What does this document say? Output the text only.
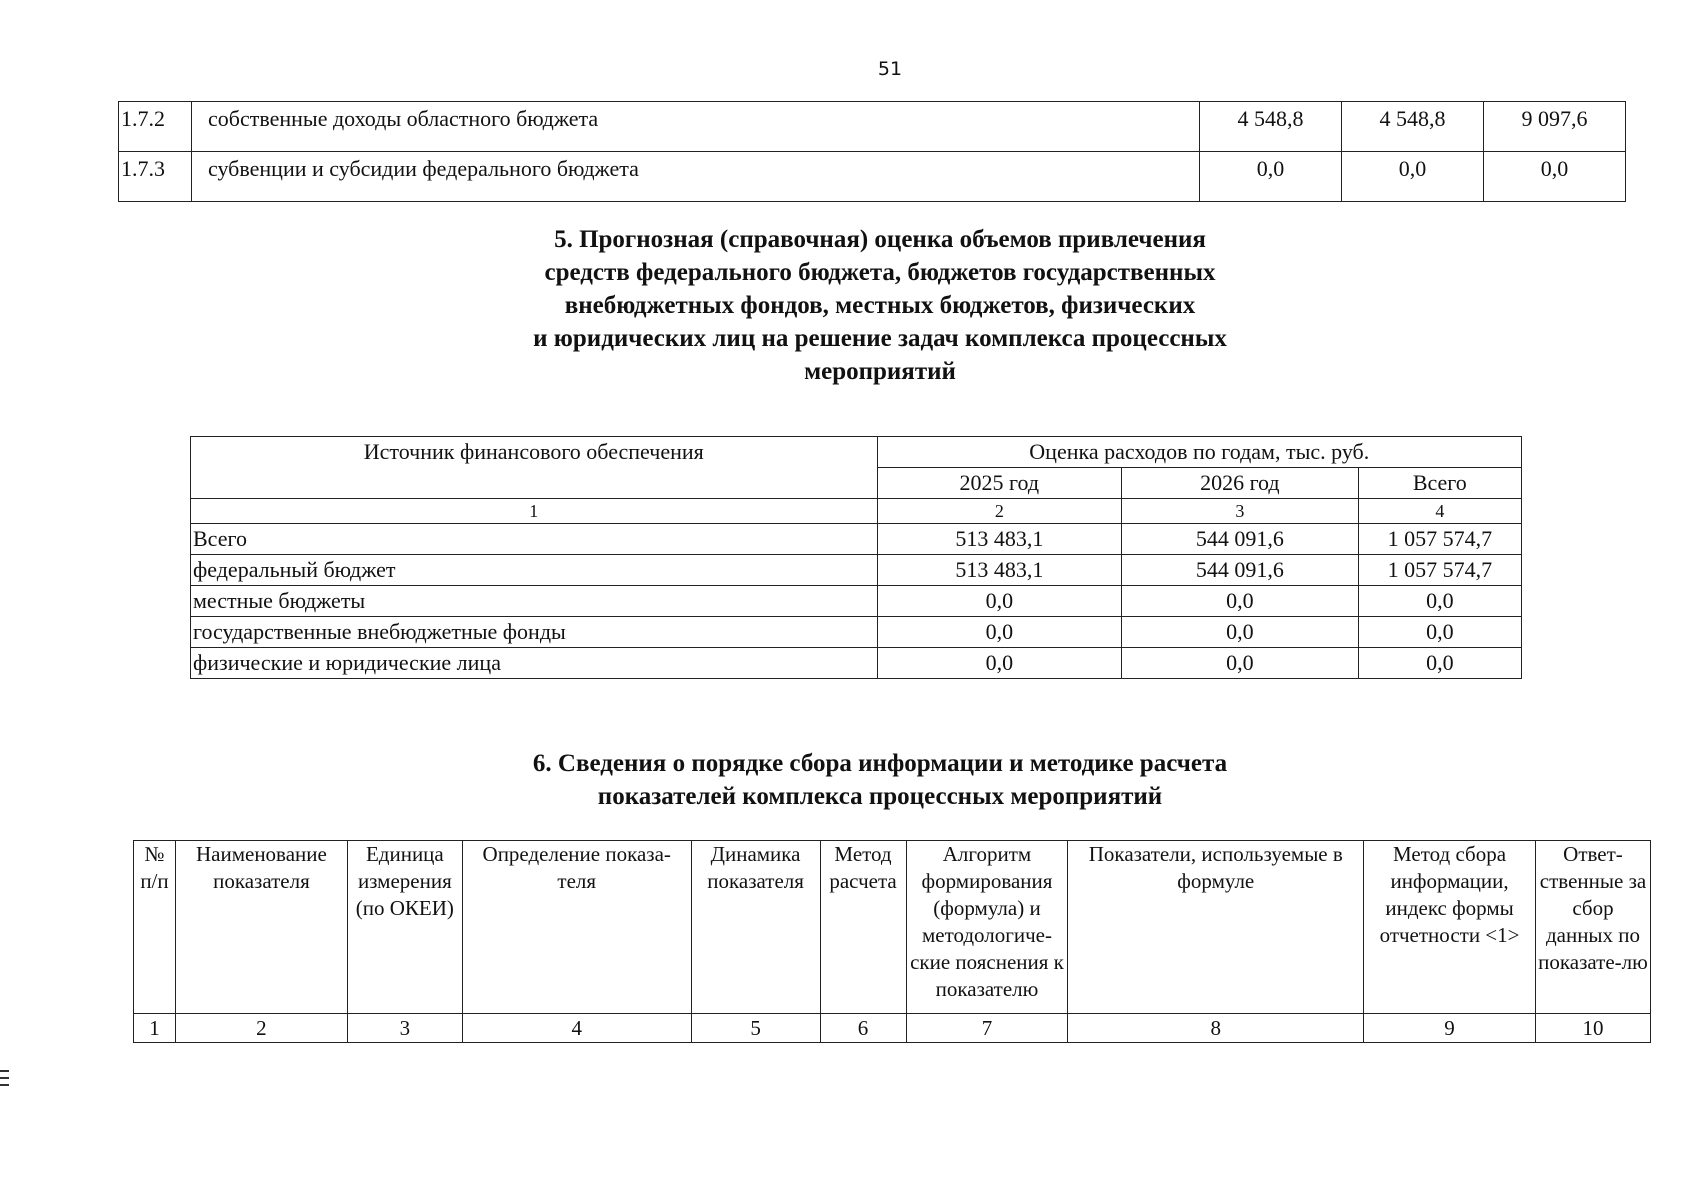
51
1.7.2	собственные доходы областного бюджета	4 548,8	4 548,8	9 097,6
1.7.3	субвенции и субсидии федерального бюджета	0,0	0,0	0,0
5. Прогнозная (справочная) оценка объемов привлечения
средств федерального бюджета, бюджетов государственных
внебюджетных фондов, местных бюджетов, физических
и юридических лиц на решение задач комплекса процессных
мероприятий
Источник финансового обеспечения	Оценка расходов по годам, тыс. руб.		
	2025 год	2026 год	Всего
1	2	3	4
Всего	513 483,1	544 091,6	1 057 574,7
федеральный бюджет	513 483,1	544 091,6	1 057 574,7
местные бюджеты	0,0	0,0	0,0
государственные внебюджетные фонды	0,0	0,0	0,0
физические и юридические лица	0,0	0,0	0,0
6. Сведения о порядке сбора информации и методике расчета
показателей комплекса процессных мероприятий
№ п/п	Наименование показателя	Единица измерения (по ОКЕИ)	Определение показа-теля	Динамика показателя	Метод расчета	Алгоритм формирования (формула) и методологиче-ские пояснения к показателю	Показатели, используемые в формуле	Метод сбора информации, индекс формы отчетности <1>	Ответ-ственные за сбор данных по показате-лю
1	2	3	4	5	6	7	8	9	10
